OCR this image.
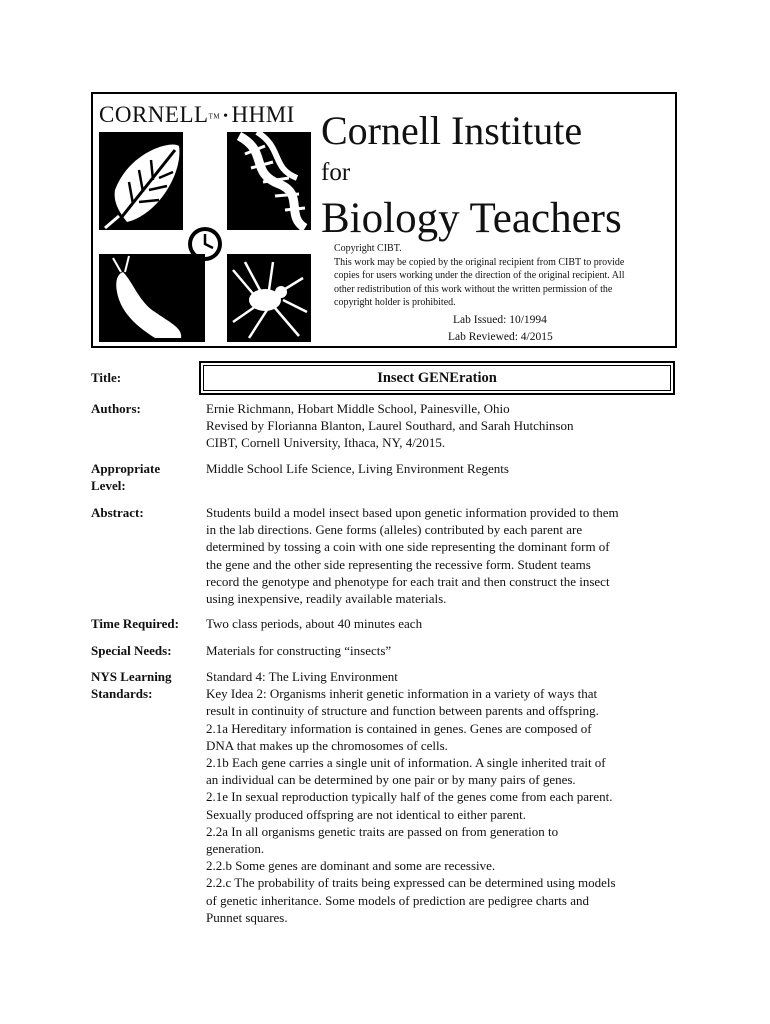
CORNELLTM • HHMI Cornell Institute
for
Biology Teachers
Copyright CIBT.
This work may be copied by the original recipient from CIBT to provide
copies for users working under the direction of the original recipient. All
other redistribution of this work without the written permission of the
copyright holder is prohibited.
Lab Issued: 10/1994
Lab Reviewed: 4/2015
Title:	Insect GENEration
Authors:	Ernie Richmann, Hobart Middle School, Painesville, Ohio
Revised by Florianna Blanton, Laurel Southard, and Sarah Hutchinson
CIBT, Cornell University, Ithaca, NY, 4/2015.
Appropriate
Level:
Middle School Life Science, Living Environment Regents
Abstract:	Students build a model insect based upon genetic information provided to them
in the lab directions. Gene forms (alleles) contributed by each parent are
determined by tossing a coin with one side representing the dominant form of
the gene and the other side representing the recessive form. Student teams
record the genotype and phenotype for each trait and then construct the insect
using inexpensive, readily available materials.
Time Required:	Two class periods, about 40 minutes each
Special Needs:	Materials for constructing “insects”
NYS Learning
Standards:
Standard 4: The Living Environment
Key Idea 2: Organisms inherit genetic information in a variety of ways that
result in continuity of structure and function between parents and offspring.
2.1a Hereditary information is contained in genes. Genes are composed of
DNA that makes up the chromosomes of cells.
2.1b Each gene carries a single unit of information. A single inherited trait of
an individual can be determined by one pair or by many pairs of genes.
2.1e In sexual reproduction typically half of the genes come from each parent.
Sexually produced offspring are not identical to either parent.
2.2a In all organisms genetic traits are passed on from generation to
generation.
2.2.b Some genes are dominant and some are recessive.
2.2.c The probability of traits being expressed can be determined using models
of genetic inheritance. Some models of prediction are pedigree charts and
Punnet squares.
